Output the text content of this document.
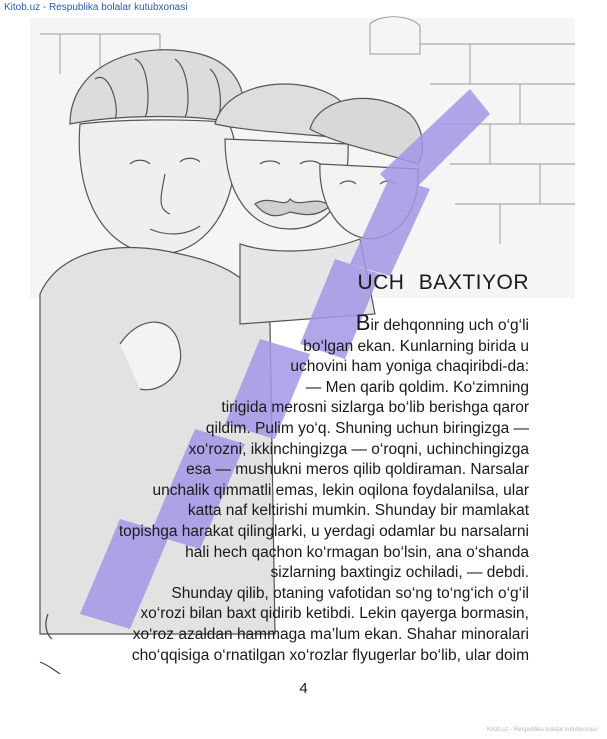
Kitob.uz - Respublika bolalar kutubxonasi
UCH BAXTIYOR
Bir dehqonning uch o‘g‘li
bo‘lgan ekan. Kunlarning birida u
uchovini ham yoniga chaqiribdi-da:
— Men qarib qoldim. Ko‘zimning
tirigida merosni sizlarga bo‘lib berishga qaror
qildim. Pulim yo‘q. Shuning uchun biringizga —
xo‘rozni, ikkinchingizga — o‘roqni, uchinchingizga
esa — mushukni meros qilib qoldiraman. Narsalar
unchalik qimmatli emas, lekin oqilona foydalanilsa, ular
katta naf keltirishi mumkin. Shunday bir mamlakat
topishga harakat qilinglarki, u yerdagi odamlar bu narsalarni
hali hech qachon ko‘rmagan bo‘lsin, ana o‘shanda
sizlarning baxtingiz ochiladi, — debdi.
Shunday qilib, otaning vafotidan so‘ng to‘ng‘ich o‘g‘il
xo‘rozi bilan baxt qidirib ketibdi. Lekin qayerga bormasin,
xo‘roz azaldan hammaga ma’lum ekan. Shahar minoralari
cho‘qqisiga o‘rnatilgan xo‘rozlar flyugerlar bo‘lib, ular doim
4
Kitob.uz - Respublika bolalar kutubxonasi
